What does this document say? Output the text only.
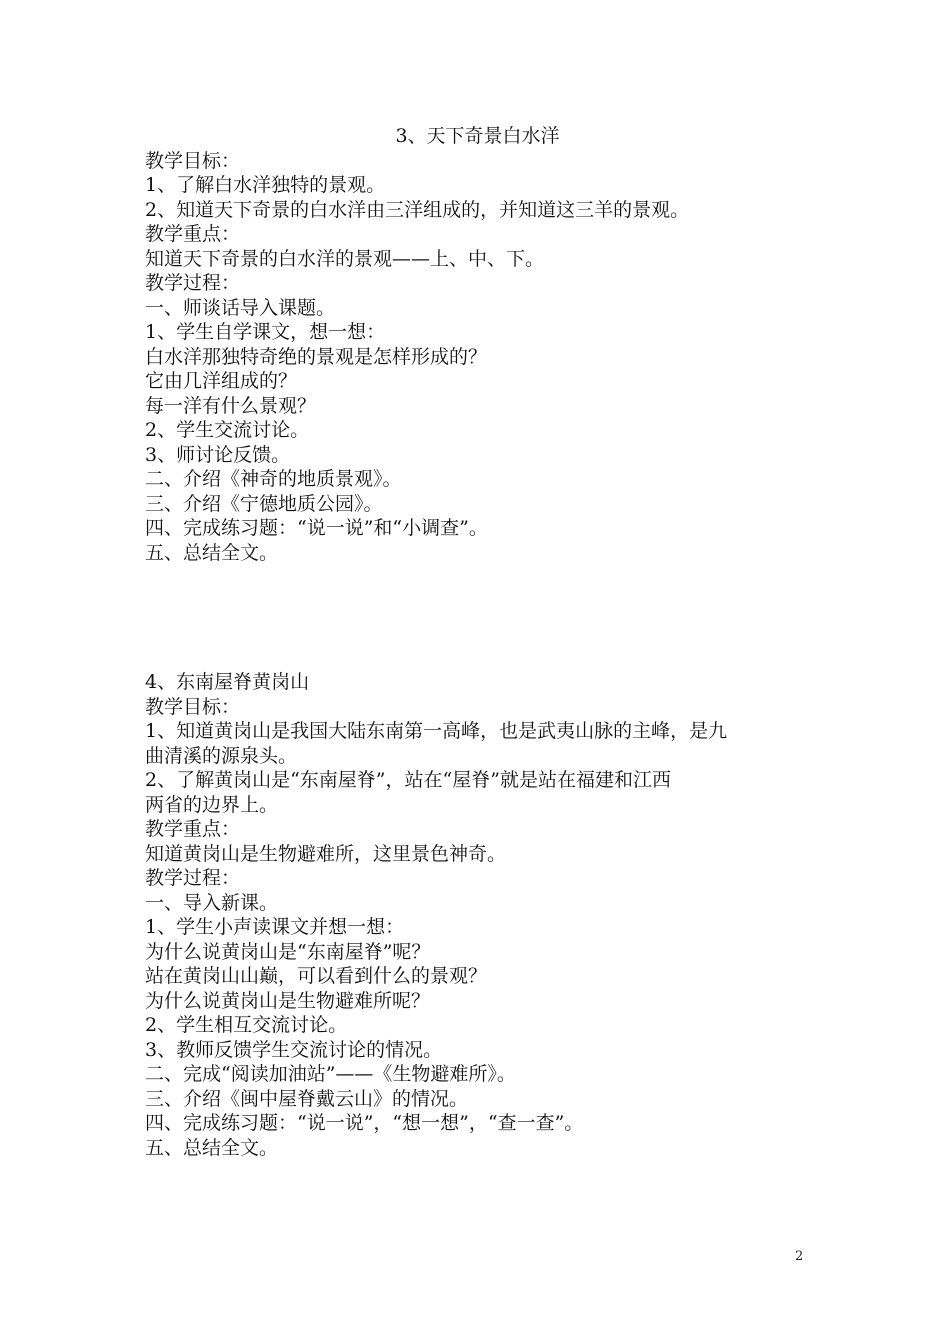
3、天下奇景白水洋
教学目标：
1、了解白水洋独特的景观。
2、知道天下奇景的白水洋由三洋组成的，并知道这三羊的景观。
教学重点：
知道天下奇景的白水洋的景观——上、中、下。
教学过程：
一、师谈话导入课题。
1、学生自学课文，想一想：
白水洋那独特奇绝的景观是怎样形成的？
它由几洋组成的？
每一洋有什么景观？
2、学生交流讨论。
3、师讨论反馈。
二、介绍《神奇的地质景观》。
三、介绍《宁德地质公园》。
四、完成练习题：“说一说”和“小调查”。
五、总结全文。
4、东南屋脊黄岗山
教学目标：
1、知道黄岗山是我国大陆东南第一高峰，也是武夷山脉的主峰，是九
曲清溪的源泉头。
2、了解黄岗山是“东南屋脊”，站在“屋脊”就是站在福建和江西
两省的边界上。
教学重点：
知道黄岗山是生物避难所，这里景色神奇。
教学过程：
一、导入新课。
1、学生小声读课文并想一想：
为什么说黄岗山是“东南屋脊”呢？
站在黄岗山山巅，可以看到什么的景观？
为什么说黄岗山是生物避难所呢？
2、学生相互交流讨论。
3、教师反馈学生交流讨论的情况。
二、完成“阅读加油站”——《生物避难所》。
三、介绍《闽中屋脊戴云山》的情况。
四、完成练习题：“说一说”，“想一想”，“查一查”。
五、总结全文。
2
